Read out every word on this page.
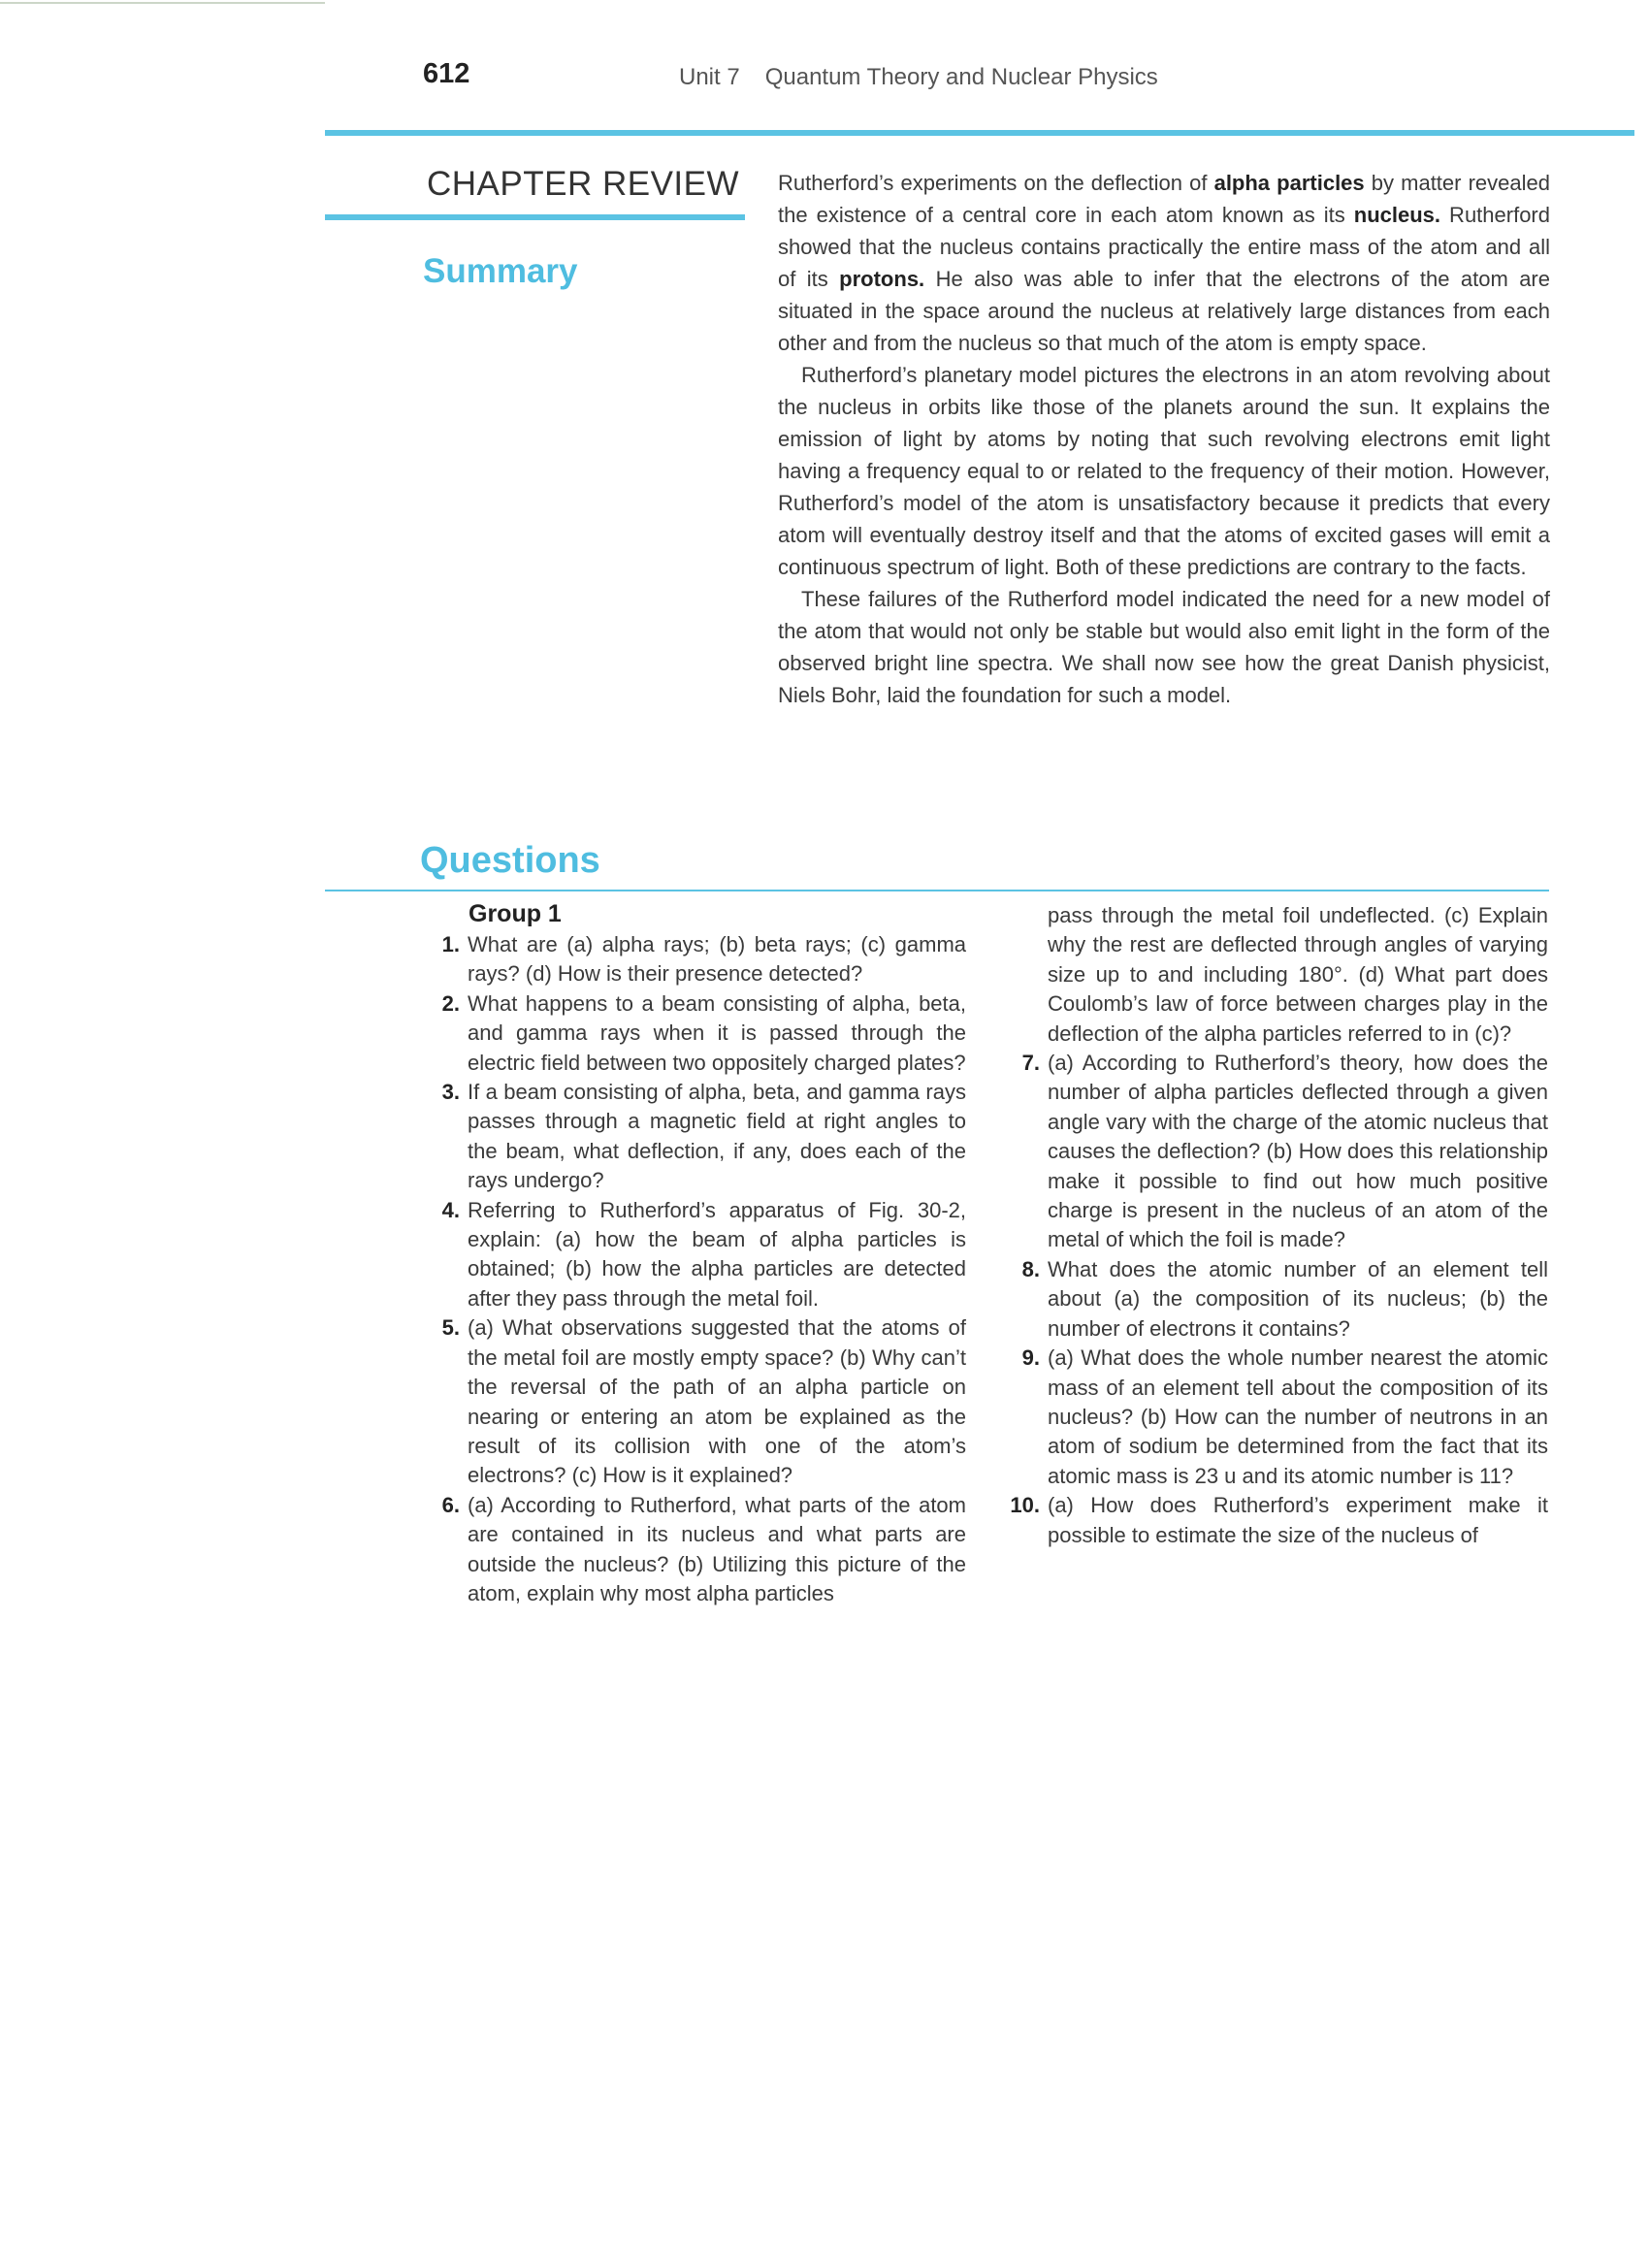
612	Unit 7 Quantum Theory and Nuclear Physics
CHAPTER REVIEW
Summary

Rutherford’s experiments on the deflection of alpha particles by matter revealed the existence of a central core in each atom known as its nucleus. Rutherford showed that the nucleus contains practically the entire mass of the atom and all of its protons. He also was able to infer that the electrons of the atom are situated in the space around the nucleus at relatively large distances from each other and from the nucleus so that much of the atom is empty space.

Rutherford’s planetary model pictures the electrons in an atom revolving about the nucleus in orbits like those of the planets around the sun. It explains the emission of light by atoms by noting that such revolving electrons emit light having a frequency equal to or related to the frequency of their motion. However, Rutherford’s model of the atom is unsatisfactory because it predicts that every atom will eventually destroy itself and that the atoms of excited gases will emit a continuous spectrum of light. Both of these predictions are contrary to the facts.

These failures of the Rutherford model indicated the need for a new model of the atom that would not only be stable but would also emit light in the form of the observed bright line spectra. We shall now see how the great Danish physicist, Niels Bohr, laid the foundation for such a model.

Questions
Group 1
1. What are (a) alpha rays; (b) beta rays; (c) gamma rays? (d) How is their presence detected?
2. What happens to a beam consisting of alpha, beta, and gamma rays when it is passed through the electric field between two oppositely charged plates?
3. If a beam consisting of alpha, beta, and gamma rays passes through a magnetic field at right angles to the beam, what deflection, if any, does each of the rays undergo?
4. Referring to Rutherford’s apparatus of Fig. 30-2, explain: (a) how the beam of alpha particles is obtained; (b) how the alpha particles are detected after they pass through the metal foil.
5. (a) What observations suggested that the atoms of the metal foil are mostly empty space? (b) Why can’t the reversal of the path of an alpha particle on nearing or entering an atom be explained as the result of its collision with one of the atom’s electrons? (c) How is it explained?
6. (a) According to Rutherford, what parts of the atom are contained in its nucleus and what parts are outside the nucleus? (b) Utilizing this picture of the atom, explain why most alpha particles
pass through the metal foil undeflected. (c) Explain why the rest are deflected through angles of varying size up to and including 180°. (d) What part does Coulomb’s law of force between charges play in the deflection of the alpha particles referred to in (c)?
7. (a) According to Rutherford’s theory, how does the number of alpha particles deflected through a given angle vary with the charge of the atomic nucleus that causes the deflection? (b) How does this relationship make it possible to find out how much positive charge is present in the nucleus of an atom of the metal of which the foil is made?
8. What does the atomic number of an element tell about (a) the composition of its nucleus; (b) the number of electrons it contains?
9. (a) What does the whole number nearest the atomic mass of an element tell about the composition of its nucleus? (b) How can the number of neutrons in an atom of sodium be determined from the fact that its atomic mass is 23 u and its atomic number is 11?
10. (a) How does Rutherford’s experiment make it possible to estimate the size of the nucleus of
